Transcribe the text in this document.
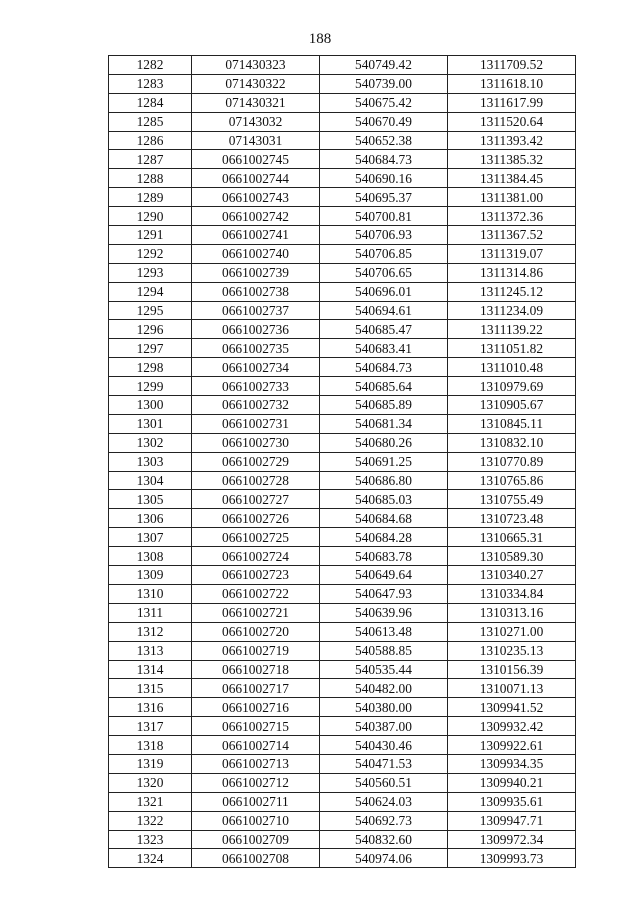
188
1282	071430323	540749.42	1311709.52
1283	071430322	540739.00	1311618.10
1284	071430321	540675.42	1311617.99
1285	07143032	540670.49	1311520.64
1286	07143031	540652.38	1311393.42
1287	0661002745	540684.73	1311385.32
1288	0661002744	540690.16	1311384.45
1289	0661002743	540695.37	1311381.00
1290	0661002742	540700.81	1311372.36
1291	0661002741	540706.93	1311367.52
1292	0661002740	540706.85	1311319.07
1293	0661002739	540706.65	1311314.86
1294	0661002738	540696.01	1311245.12
1295	0661002737	540694.61	1311234.09
1296	0661002736	540685.47	1311139.22
1297	0661002735	540683.41	1311051.82
1298	0661002734	540684.73	1311010.48
1299	0661002733	540685.64	1310979.69
1300	0661002732	540685.89	1310905.67
1301	0661002731	540681.34	1310845.11
1302	0661002730	540680.26	1310832.10
1303	0661002729	540691.25	1310770.89
1304	0661002728	540686.80	1310765.86
1305	0661002727	540685.03	1310755.49
1306	0661002726	540684.68	1310723.48
1307	0661002725	540684.28	1310665.31
1308	0661002724	540683.78	1310589.30
1309	0661002723	540649.64	1310340.27
1310	0661002722	540647.93	1310334.84
1311	0661002721	540639.96	1310313.16
1312	0661002720	540613.48	1310271.00
1313	0661002719	540588.85	1310235.13
1314	0661002718	540535.44	1310156.39
1315	0661002717	540482.00	1310071.13
1316	0661002716	540380.00	1309941.52
1317	0661002715	540387.00	1309932.42
1318	0661002714	540430.46	1309922.61
1319	0661002713	540471.53	1309934.35
1320	0661002712	540560.51	1309940.21
1321	0661002711	540624.03	1309935.61
1322	0661002710	540692.73	1309947.71
1323	0661002709	540832.60	1309972.34
1324	0661002708	540974.06	1309993.73
